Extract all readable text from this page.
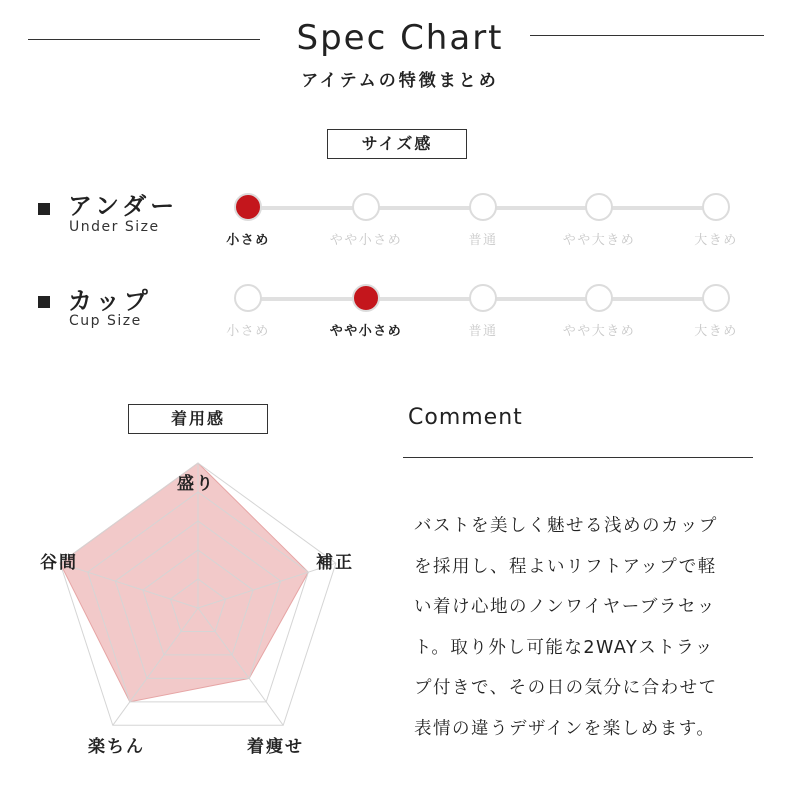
Spec Chart
アイテムの特徴まとめ
サイズ感
アンダー
Under Size
小さめ	やや小さめ	普通	やや大きめ	大きめ
カップ
Cup Size
小さめ	やや小さめ	普通	やや大きめ	大きめ
着用感
盛り
補正
着痩せ
楽ちん
谷間
Comment
バストを美しく魅せる浅めのカップ
を採用し、程よいリフトアップで軽
い着け心地のノンワイヤーブラセッ
ト。取り外し可能な2WAYストラッ
プ付きで、その日の気分に合わせて
表情の違うデザインを楽しめます。
